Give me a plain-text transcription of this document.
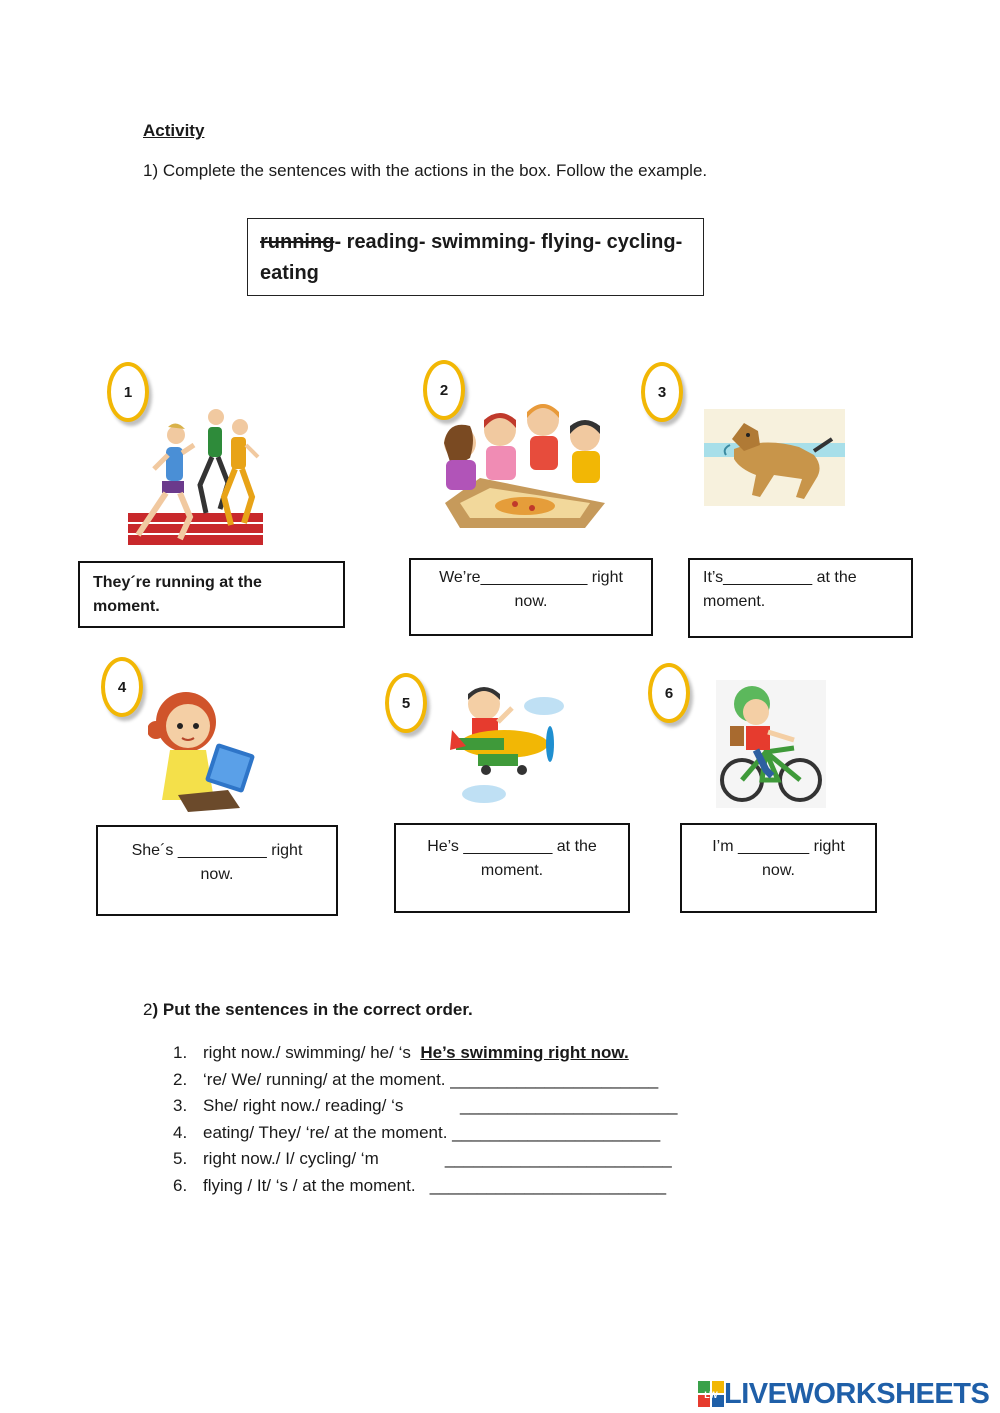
Activity
1) Complete the sentences with the actions in the box. Follow the example.
running- reading- swimming- flying- cycling-
eating
1	2	3
4
5
6
They´re running at the
moment.
We’re____________ right
now.
It’s__________ at the
moment.
She´s __________ right
now.
He’s __________ at the
moment.
I’m ________ right
now.
2) Put the sentences in the correct order.
1. right now./ swimming/ he/ ‘s He’s swimming right now.
2. ‘re/ We/ running/ at the moment. ______________________
3. She/ right now./ reading/ ‘s            _______________________
4. eating/ They/ ‘re/ at the moment. ______________________
5. right now./ I/ cycling/ ‘m              ________________________
6. flying / It/ ‘s / at the moment.   _________________________
LW LIVEWORKSHEETS
